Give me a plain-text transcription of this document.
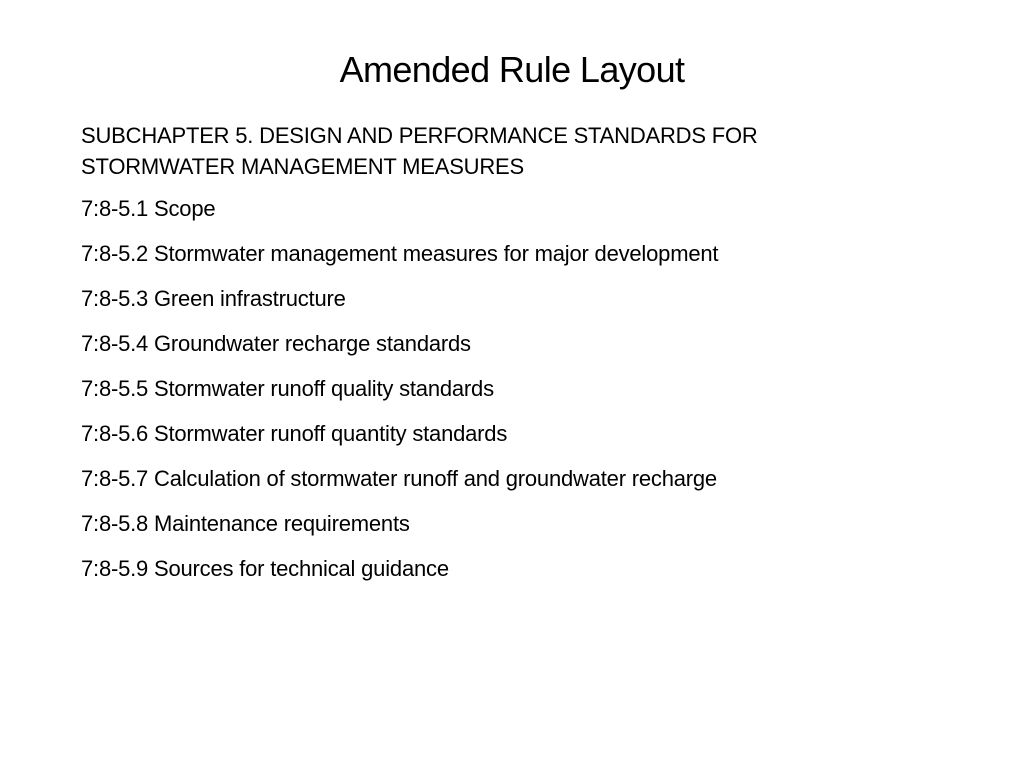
Amended Rule Layout
SUBCHAPTER 5. DESIGN AND PERFORMANCE STANDARDS FOR
STORMWATER MANAGEMENT MEASURES
7:8-5.1 Scope
7:8-5.2 Stormwater management measures for major development
7:8-5.3 Green infrastructure
7:8-5.4 Groundwater recharge standards
7:8-5.5 Stormwater runoff quality standards
7:8-5.6 Stormwater runoff quantity standards
7:8-5.7 Calculation of stormwater runoff and groundwater recharge
7:8-5.8 Maintenance requirements
7:8-5.9 Sources for technical guidance
